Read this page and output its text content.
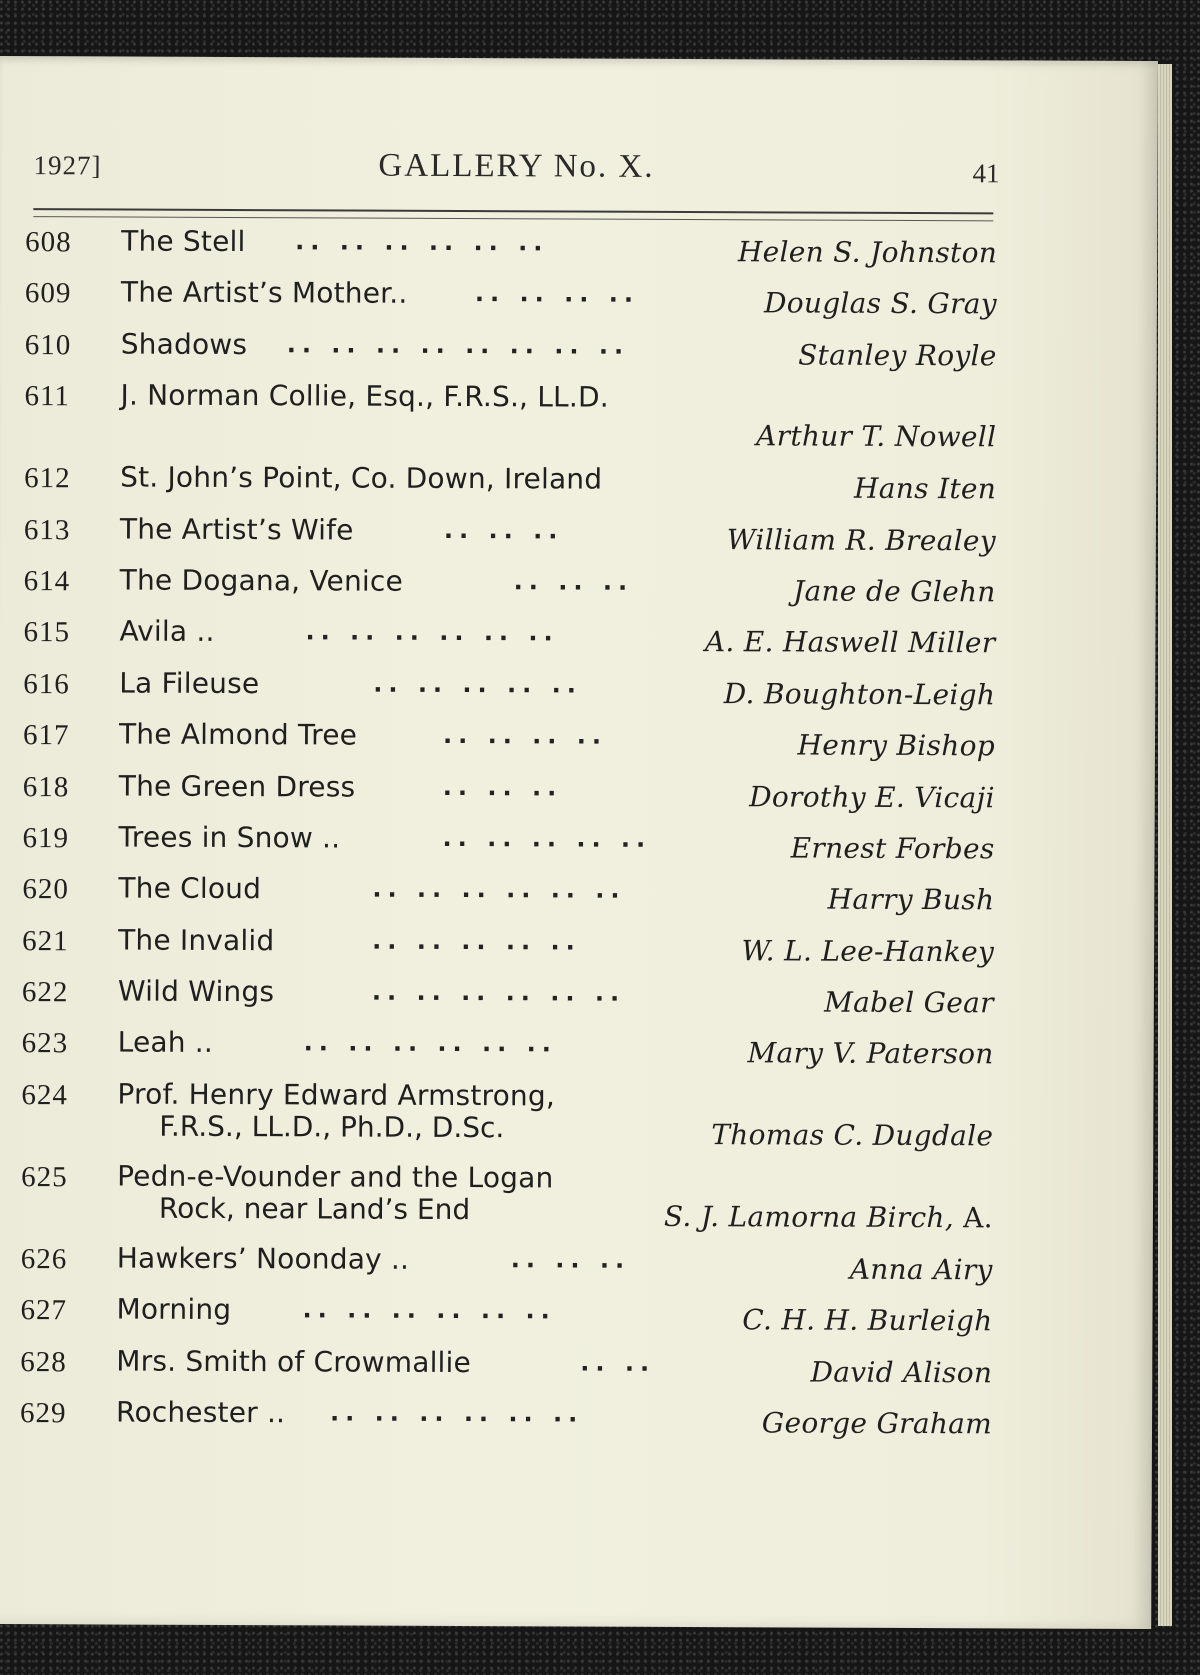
1927]	GALLERY No. X.	41
608	The Stell .. .. .. .. .. ..	Helen S. Johnston
609	The Artist’s Mother..	.. .. .. ..	Douglas S. Gray
610	Shadows .. .. .. .. .. .. .. ..	Stanley Royle
611	J. Norman Collie, Esq., F.R.S., LL.D.
Arthur T. Nowell
612	St. John’s Point, Co. Down, Ireland	Hans Iten
613	The Artist’s Wife	.. .. ..	William R. Brealey
614	The Dogana, Venice	.. .. ..	Jane de Glehn
615	Avila ..	.. .. .. .. .. ..	A. E. Haswell Miller
616	La Fileuse	.. .. .. .. ..	D. Boughton-Leigh
617	The Almond Tree	.. .. .. ..	Henry Bishop
618	The Green Dress	.. .. ..	Dorothy E. Vicaji
619	Trees in Snow ..	.. .. .. .. ..	Ernest Forbes
620	The Cloud	.. .. .. .. .. ..	Harry Bush
621	The Invalid	.. .. .. .. ..	W. L. Lee-Hankey
622	Wild Wings	.. .. .. .. .. ..	Mabel Gear
623	Leah ..	.. .. .. .. .. ..	Mary V. Paterson
624	Prof. Henry Edward Armstrong,
F.R.S., LL.D., Ph.D., D.Sc.	Thomas C. Dugdale
625	Pedn-e-Vounder and the Logan
Rock, near Land’s End	S. J. Lamorna Birch, A.
626	Hawkers’ Noonday ..	.. .. ..	Anna Airy
627	Morning	.. .. .. .. .. ..	C. H. H. Burleigh
628	Mrs. Smith of Crowmallie	.. ..	David Alison
629	Rochester .. .. .. .. .. .. ..	George Graham
